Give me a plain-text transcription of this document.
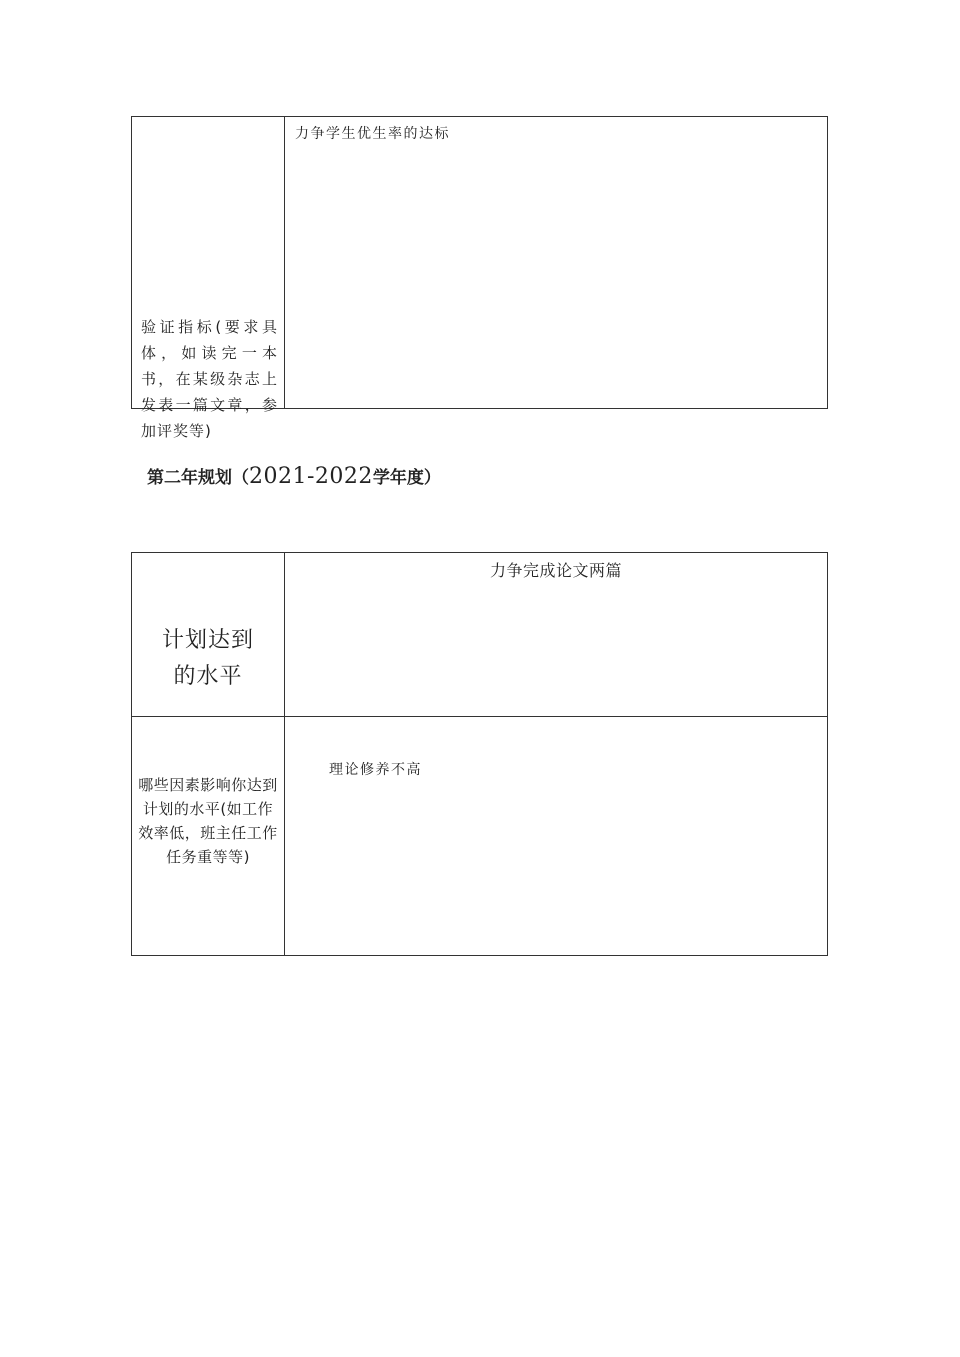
验证指标(要求具体，如读完一本书，在某级杂志上发表一篇文章，参加评奖等)
力争学生优生率的达标
第二年规划（2021-2022学年度）
计划达到
的水平
力争完成论文两篇
哪些因素影响你达到计划的水平(如工作效率低，班主任工作任务重等等)
理论修养不高
